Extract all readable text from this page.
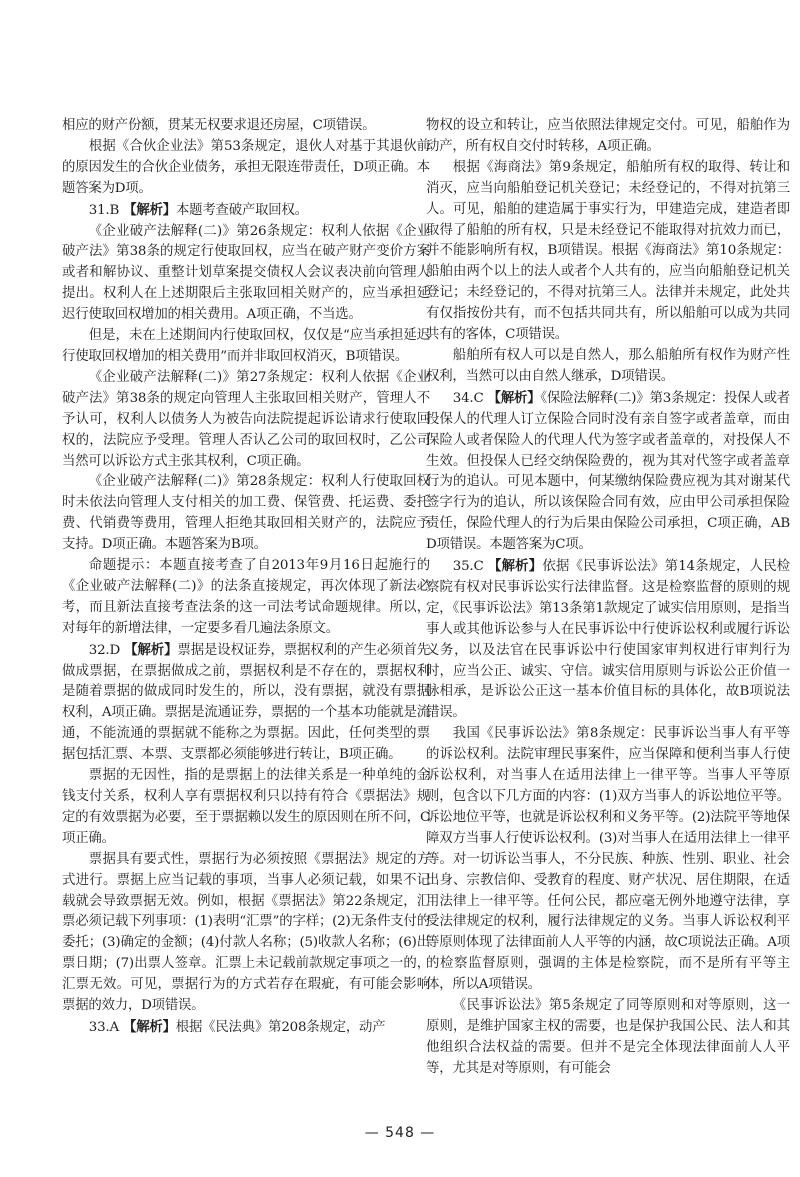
相应的财产份额，贯某无权要求退还房屋，C项错误。

根据《合伙企业法》第53条规定，退伙人对基于其退伙前的原因发生的合伙企业债务，承担无限连带责任，D项正确。本题答案为D项。

31.B 【解析】本题考查破产取回权。

《企业破产法解释(二)》第26条规定：权利人依据《企业破产法》第38条的规定行使取回权，应当在破产财产变价方案或者和解协议、重整计划草案提交债权人会议表决前向管理人提出。权利人在上述期限后主张取回相关财产的，应当承担延迟行使取回权增加的相关费用。A项正确，不当选。

但是，未在上述期间内行使取回权，仅仅是“应当承担延迟行使取回权增加的相关费用”而并非取回权消灭，B项错误。

《企业破产法解释(二)》第27条规定：权利人依据《企业破产法》第38条的规定向管理人主张取回相关财产，管理人不予认可，权利人以债务人为被告向法院提起诉讼请求行使取回权的，法院应予受理。管理人否认乙公司的取回权时，乙公司当然可以诉讼方式主张其权利，C项正确。

《企业破产法解释(二)》第28条规定：权利人行使取回权时未依法向管理人支付相关的加工费、保管费、托运费、委托费、代销费等费用，管理人拒绝其取回相关财产的，法院应予支持。D项正确。本题答案为B项。

命题提示：本题直接考查了自2013年9月16日起施行的《企业破产法解释(二)》的法条直接规定，再次体现了新法必考，而且新法直接考查法条的这一司法考试命题规律。所以，对每年的新增法律，一定要多看几遍法条原文。

32.D 【解析】票据是设权证券，票据权利的产生必须首先做成票据，在票据做成之前，票据权利是不存在的，票据权利是随着票据的做成同时发生的，所以，没有票据，就没有票据权利，A项正确。票据是流通证券，票据的一个基本功能就是流通，不能流通的票据就不能称之为票据。因此，任何类型的票据包括汇票、本票、支票都必须能够进行转让，B项正确。

票据的无因性，指的是票据上的法律关系是一种单纯的金钱支付关系，权利人享有票据权利只以持有符合《票据法》规定的有效票据为必要，至于票据赖以发生的原因则在所不问，C项正确。

票据具有要式性，票据行为必须按照《票据法》规定的方式进行。票据上应当记载的事项，当事人必须记载，如果不记载就会导致票据无效。例如，根据《票据法》第22条规定，汇票必须记载下列事项：(1)表明“汇票”的字样；(2)无条件支付的委托；(3)确定的金额；(4)付款人名称；(5)收款人名称；(6)出票日期；(7)出票人签章。汇票上未记载前款规定事项之一的，汇票无效。可见，票据行为的方式若存在瑕疵，有可能会影响票据的效力，D项错误。

33.A 【解析】根据《民法典》第208条规定，动产

物权的设立和转让，应当依照法律规定交付。可见，船舶作为动产，所有权自交付时转移，A项正确。

根据《海商法》第9条规定，船舶所有权的取得、转让和消灭，应当向船舶登记机关登记；未经登记的，不得对抗第三人。可见，船舶的建造属于事实行为，甲建造完成，建造者即取得了船舶的所有权，只是未经登记不能取得对抗效力而已，并不能影响所有权，B项错误。根据《海商法》第10条规定：船舶由两个以上的法人或者个人共有的，应当向船舶登记机关登记；未经登记的，不得对抗第三人。法律并未规定，此处共有仅指按份共有，而不包括共同共有，所以船舶可以成为共同共有的客体，C项错误。

船舶所有权人可以是自然人，那么船舶所有权作为财产性权利，当然可以由自然人继承，D项错误。

34.C 【解析】《保险法解释(二)》第3条规定：投保人或者投保人的代理人订立保险合同时没有亲自签字或者盖章，而由保险人或者保险人的代理人代为签字或者盖章的，对投保人不生效。但投保人已经交纳保险费的，视为其对代签字或者盖章行为的追认。可见本题中，何某缴纳保险费应视为其对谢某代签字行为的追认，所以该保险合同有效，应由甲公司承担保险责任，保险代理人的行为后果由保险公司承担，C项正确，ABD项错误。本题答案为C项。

35.C 【解析】依据《民事诉讼法》第14条规定，人民检察院有权对民事诉讼实行法律监督。这是检察监督的原则的规定，《民事诉讼法》第13条第1款规定了诚实信用原则，是指当事人或其他诉讼参与人在民事诉讼中行使诉讼权利或履行诉讼义务，以及法官在民事诉讼中行使国家审判权进行审判行为时，应当公正、诚实、守信。诚实信用原则与诉讼公正价值一脉相承，是诉讼公正这一基本价值目标的具体化，故B项说法错误。

我国《民事诉讼法》第8条规定：民事诉讼当事人有平等的诉讼权利。法院审理民事案件，应当保障和便利当事人行使诉讼权利，对当事人在适用法律上一律平等。当事人平等原则，包含以下几方面的内容：(1)双方当事人的诉讼地位平等。诉讼地位平等，也就是诉讼权利和义务平等。(2)法院平等地保障双方当事人行使诉讼权利。(3)对当事人在适用法律上一律平等。对一切诉讼当事人，不分民族、种族、性别、职业、社会出身、宗教信仰、受教育的程度、财产状况、居住期限，在适用法律上一律平等。任何公民，都应毫无例外地遵守法律，享受法律规定的权利，履行法律规定的义务。当事人诉讼权利平等原则体现了法律面前人人平等的内涵，故C项说法正确。A项的检察监督原则，强调的主体是检察院，而不是所有平等主体，所以A项错误。

《民事诉讼法》第5条规定了同等原则和对等原则，这一原则，是维护国家主权的需要，也是保护我国公民、法人和其他组织合法权益的需要。但并不是完全体现法律面前人人平等，尤其是对等原则，有可能会

— 548 —
